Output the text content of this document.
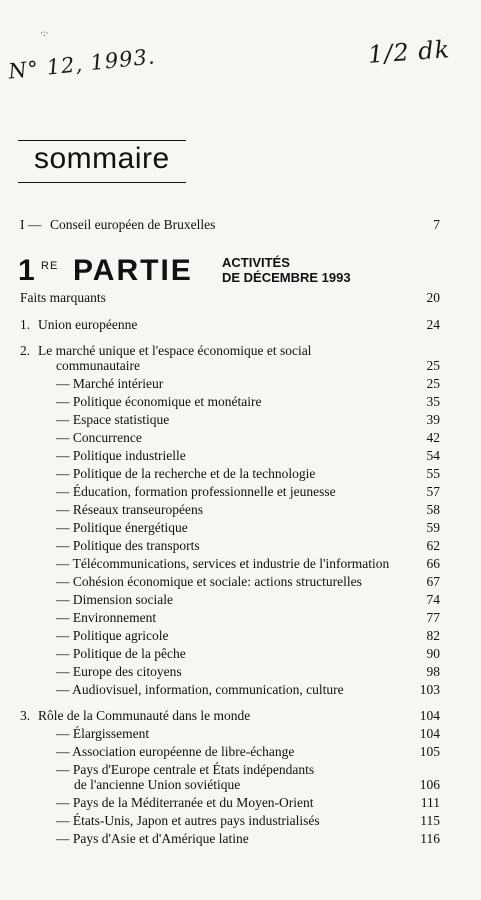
·:·
N° 12, 1993.	1/2 dk
sommaire
I — Conseil européen de Bruxelles	7
1 RE PARTIE ACTIVITÉS
DE DÉCEMBRE 1993
Faits marquants	20
1. Union européenne	24
2. Le marché unique et l'espace économique et social
communautaire	25
— Marché intérieur	25
— Politique économique et monétaire	35
— Espace statistique	39
— Concurrence	42
— Politique industrielle	54
— Politique de la recherche et de la technologie	55
— Éducation, formation professionnelle et jeunesse	57
— Réseaux transeuropéens	58
— Politique énergétique	59
— Politique des transports	62
— Télécommunications, services et industrie de l'information	66
— Cohésion économique et sociale: actions structurelles	67
— Dimension sociale	74
— Environnement	77
— Politique agricole	82
— Politique de la pêche	90
— Europe des citoyens	98
— Audiovisuel, information, communication, culture	103
3. Rôle de la Communauté dans le monde	104
— Élargissement	104
— Association européenne de libre-échange	105
— Pays d'Europe centrale et États indépendants
de l'ancienne Union soviétique	106
— Pays de la Méditerranée et du Moyen-Orient	111
— États-Unis, Japon et autres pays industrialisés	115
— Pays d'Asie et d'Amérique latine	116
